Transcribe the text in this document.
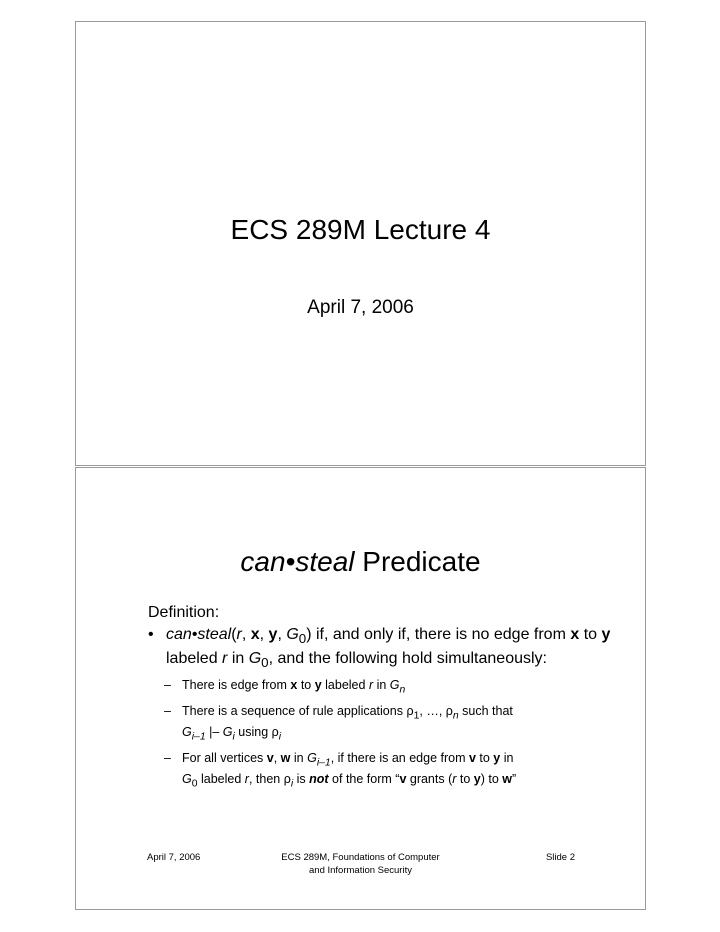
ECS 289M Lecture 4
April 7, 2006
can•steal Predicate

Definition:

• can•steal(r, x, y, $G_0$) if, and only if, there is no edge from x to y labeled r in $G_0$, and the following hold simultaneously:
– There is edge from x to y labeled r in $G_n$
– There is a sequence of rule applications $\rho_1$, …, $\rho_n$ such that
$G_{i-1}$ |– $G_i$ using $\rho_i$
– For all vertices v, w in $G_{i-1}$, if there is an edge from v to y in
$G_0$ labeled r, then $\rho_i$ is not of the form “v grants (r to y) to w”
April 7, 2006	ECS 289M, Foundations of Computer
and Information Security
Slide 2
